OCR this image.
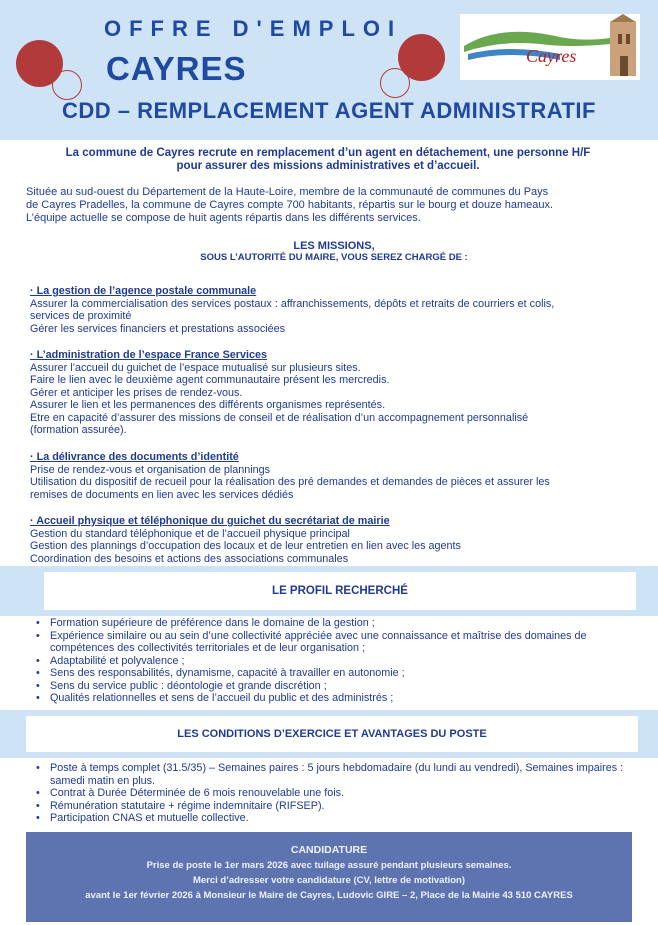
OFFRE D'EMPLOI
CAYRES	Cayres
CDD – REMPLACEMENT AGENT ADMINISTRATIF
La commune de Cayres recrute en remplacement d’un agent en détachement, une personne H/F
pour assurer des missions administratives et d’accueil.
Située au sud-ouest du Département de la Haute-Loire, membre de la communauté de communes du Pays
de Cayres Pradelles, la commune de Cayres compte 700 habitants, répartis sur le bourg et douze hameaux.
L’équipe actuelle se compose de huit agents répartis dans les différents services.
LES MISSIONS,
SOUS L’AUTORITÉ DU MAIRE, VOUS SEREZ CHARGÉ DE :
· La gestion de l’agence postale communale
Assurer la commercialisation des services postaux : affranchissements, dépôts et retraits de courriers et colis,
services de proximité
Gérer les services financiers et prestations associées
· L’administration de l’espace France Services
Assurer l’accueil du guichet de l’espace mutualisé sur plusieurs sites.
Faire le lien avec le deuxième agent communautaire présent les mercredis.
Gérer et anticiper les prises de rendez-vous.
Assurer le lien et les permanences des différents organismes représentés.
Etre en capacité d’assurer des missions de conseil et de réalisation d’un accompagnement personnalisé
(formation assurée).
· La délivrance des documents d’identité
Prise de rendez-vous et organisation de plannings
Utilisation du dispositif de recueil pour la réalisation des pré demandes et demandes de pièces et assurer les
remises de documents en lien avec les services dédiés
· Accueil physique et téléphonique du guichet du secrétariat de mairie
Gestion du standard téléphonique et de l’accueil physique principal
Gestion des plannings d’occupation des locaux et de leur entretien en lien avec les agents
Coordination des besoins et actions des associations communales
LE PROFIL RECHERCHÉ
• Formation supérieure de préférence dans le domaine de la gestion ;
• Expérience similaire ou au sein d’une collectivité appréciée avec une connaissance et maîtrise des domaines de compétences des collectivités territoriales et de leur organisation ;
• Adaptabilité et polyvalence ;
• Sens des responsabilités, dynamisme, capacité à travailler en autonomie ;
• Sens du service public : déontologie et grande discrétion ;
• Qualités relationnelles et sens de l’accueil du public et des administrés ;
LES CONDITIONS D’EXERCICE ET AVANTAGES DU POSTE
• Poste à temps complet (31.5/35) – Semaines paires : 5 jours hebdomadaire (du lundi au vendredi), Semaines impaires : samedi matin en plus.
• Contrat à Durée Déterminée de 6 mois renouvelable une fois.
• Rémunération statutaire + régime indemnitaire (RIFSEP).
• Participation CNAS et mutuelle collective.
CANDIDATURE
Prise de poste le 1er mars 2026 avec tuilage assuré pendant plusieurs semaines.
Merci d’adresser votre candidature (CV, lettre de motivation)
avant le 1er février 2026 à Monsieur le Maire de Cayres, Ludovic GIRE – 2, Place de la Mairie 43 510 CAYRES
